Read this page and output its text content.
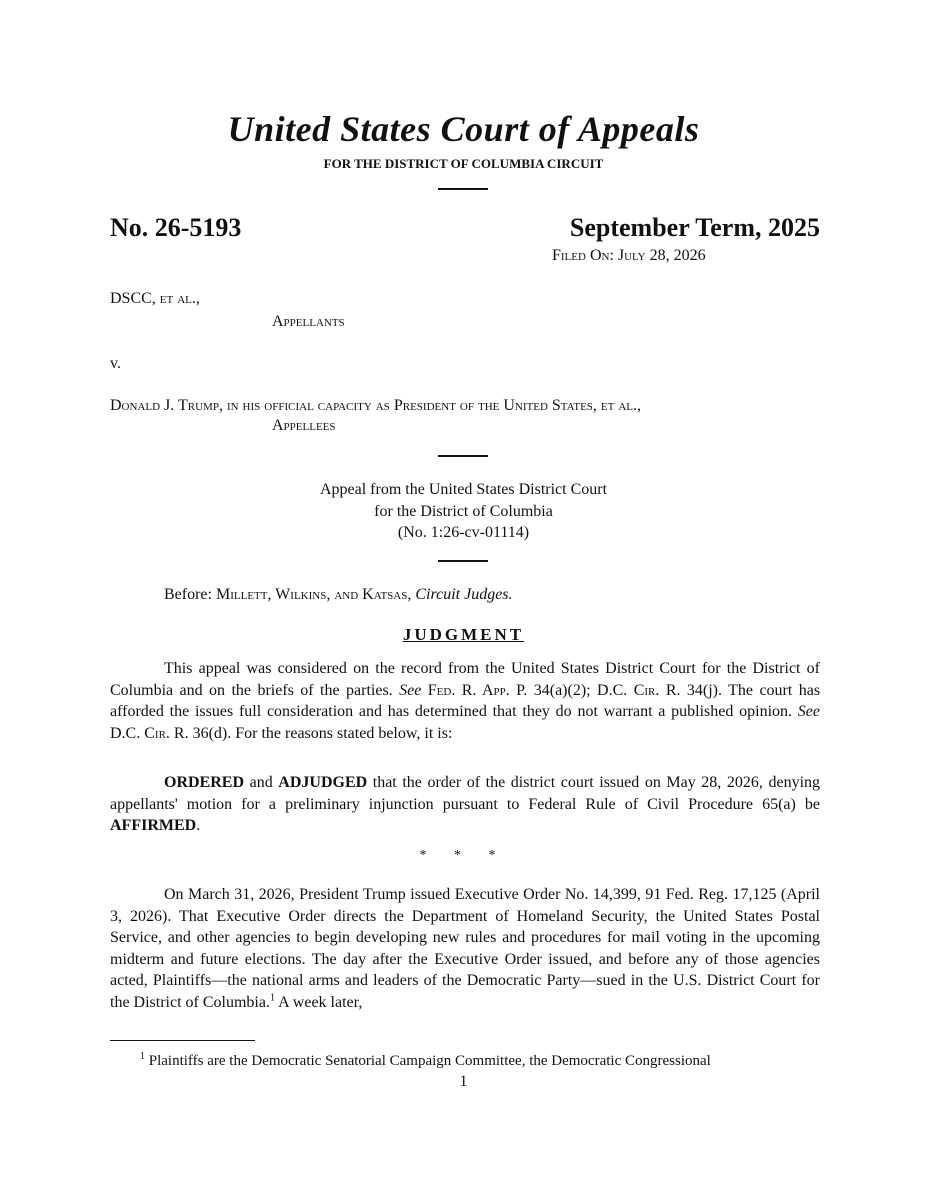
United States Court of Appeals
FOR THE DISTRICT OF COLUMBIA CIRCUIT
No. 26-5193	September Term, 2025
Filed On: July 28, 2026
DSCC, et al.,
Appellants
v.
Donald J. Trump, in his official capacity as President of the United States, et al.,
Appellees
Appeal from the United States District Court
for the District of Columbia
(No. 1:26-cv-01114)
Before: Millett, Wilkins, and Katsas, Circuit Judges.
JUDGMENT
This appeal was considered on the record from the United States District Court for the District of Columbia and on the briefs of the parties. See Fed. R. App. P. 34(a)(2); D.C. Cir. R. 34(j). The court has afforded the issues full consideration and has determined that they do not warrant a published opinion. See D.C. Cir. R. 36(d). For the reasons stated below, it is:
ORDERED and ADJUDGED that the order of the district court issued on May 28, 2026, denying appellants' motion for a preliminary injunction pursuant to Federal Rule of Civil Procedure 65(a) be AFFIRMED.
* * *
On March 31, 2026, President Trump issued Executive Order No. 14,399, 91 Fed. Reg. 17,125 (April 3, 2026). That Executive Order directs the Department of Homeland Security, the United States Postal Service, and other agencies to begin developing new rules and procedures for mail voting in the upcoming midterm and future elections. The day after the Executive Order issued, and before any of those agencies acted, Plaintiffs—the national arms and leaders of the Democratic Party—sued in the U.S. District Court for the District of Columbia.$^1$ A week later,
$^1$ Plaintiffs are the Democratic Senatorial Campaign Committee, the Democratic Congressional
1
